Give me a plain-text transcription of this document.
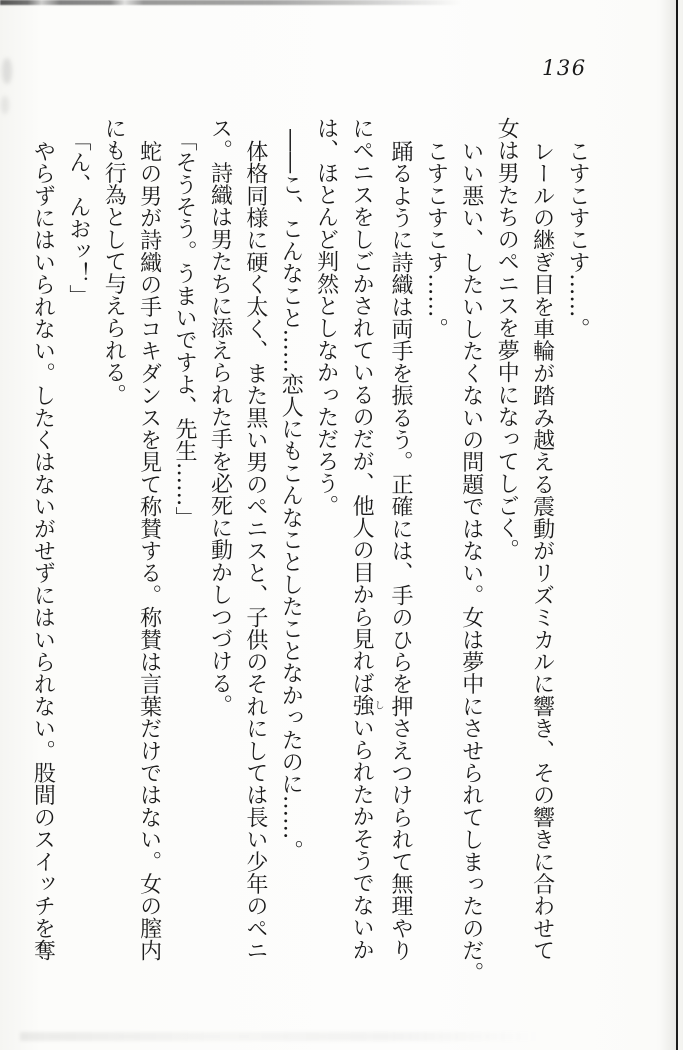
136
こすこすこす……。
レールの継ぎ目を車輪が踏み越える震動がリズミカルに響き、その響きに合わせて
女は男たちのペニスを夢中になってしごく。
いい悪い、したいしたくないの問題ではない。女は夢中にさせられてしまったのだ。
こすこすこす……。
踊るように詩織は両手を振るう。正確には、手のひらを押さえつけられて無理やり
にペニスをしごかされているのだが、他人の目から見れば強しいられたかそうでないか
は、ほとんど判然としなかっただろう。
――こ、こんなこと……恋人にもこんなことしたことなかったのに……。
体格同様に硬く太く、また黒い男のペニスと、子供のそれにしては長い少年のペニ
ス。詩織は男たちに添えられた手を必死に動かしつづける。
「そうそう。うまいですよ、先生……」
蛇の男が詩織の手コキダンスを見て称賛する。称賛は言葉だけではない。女の膣内
にも行為として与えられる。
「ん、んおッ！」
やらずにはいられない。したくはないがせずにはいられない。股間のスイッチを奪
